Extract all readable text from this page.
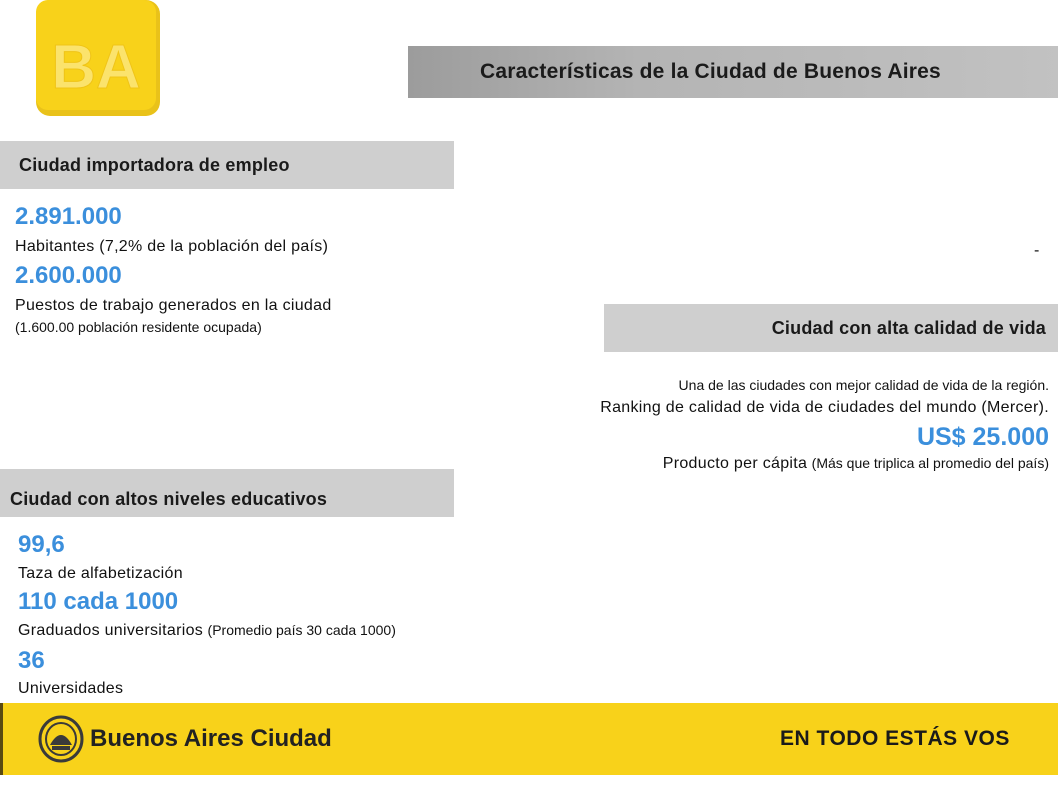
BA	Características de la Ciudad de Buenos Aires
Ciudad importadora de empleo
2.891.000
Habitantes (7,2% de la población del país)
2.600.000
Puestos de trabajo generados en la ciudad
(1.600.00 población residente ocupada)
-
Ciudad con alta calidad de vida
Una de las ciudades con mejor calidad de vida de la región.
Ranking de calidad de vida de ciudades del mundo (Mercer).
US$ 25.000
Producto per cápita (Más que triplica al promedio del país)
Ciudad con altos niveles educativos
99,6
Taza de alfabetización
110 cada 1000
Graduados universitarios (Promedio país 30 cada 1000)
36
Universidades
Buenos Aires Ciudad	EN TODO ESTÁS VOS
